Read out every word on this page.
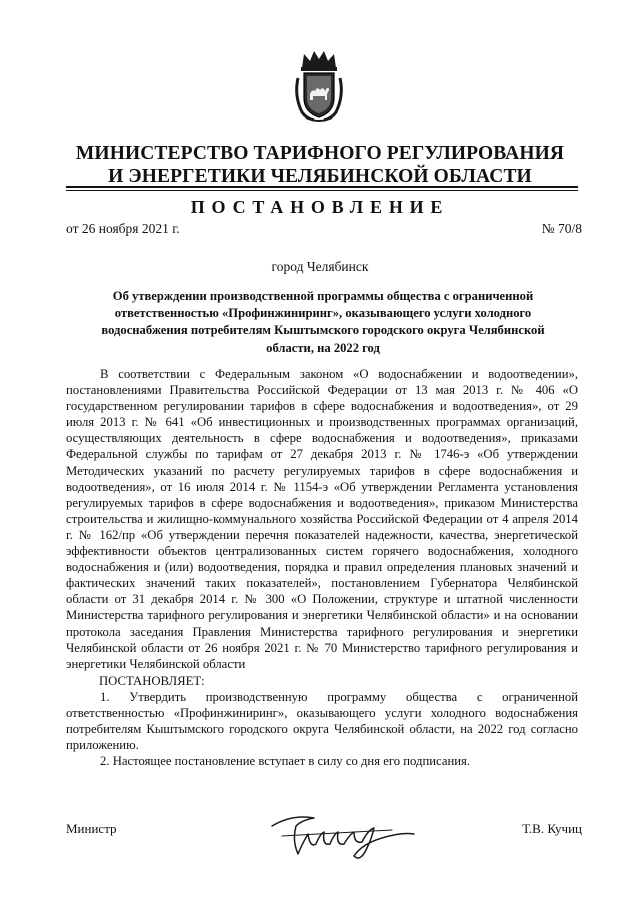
МИНИСТЕРСТВО ТАРИФНОГО РЕГУЛИРОВАНИЯ
И ЭНЕРГЕТИКИ ЧЕЛЯБИНСКОЙ ОБЛАСТИ
ПОСТАНОВЛЕНИЕ
от 26 ноября 2021 г.	№ 70/8
город Челябинск
Об утверждении производственной программы общества с ограниченной ответственностью «Профинжиниринг», оказывающего услуги холодного водоснабжения потребителям Кыштымского городского округа Челябинской области, на 2022 год

В соответствии с Федеральным законом «О водоснабжении и водоотведении», постановлениями Правительства Российской Федерации от 13 мая 2013 г. № 406 «О государственном регулировании тарифов в сфере водоснабжения и водоотведения», от 29 июля 2013 г. № 641 «Об инвестиционных и производственных программах организаций, осуществляющих деятельность в сфере водоснабжения и водоотведения», приказами Федеральной службы по тарифам от 27 декабря 2013 г. № 1746-э «Об утверждении Методических указаний по расчету регулируемых тарифов в сфере водоснабжения и водоотведения», от 16 июля 2014 г. № 1154-э «Об утверждении Регламента установления регулируемых тарифов в сфере водоснабжения и водоотведения», приказом Министерства строительства и жилищно-коммунального хозяйства Российской Федерации от 4 апреля 2014 г. № 162/пр «Об утверждении перечня показателей надежности, качества, энергетической эффективности объектов централизованных систем горячего водоснабжения, холодного водоснабжения и (или) водоотведения, порядка и правил определения плановых значений и фактических значений таких показателей», постановлением Губернатора Челябинской области от 31 декабря 2014 г. № 300 «О Положении, структуре и штатной численности Министерства тарифного регулирования и энергетики Челябинской области» и на основании протокола заседания Правления Министерства тарифного регулирования и энергетики Челябинской области от 26 ноября 2021 г. № 70 Министерство тарифного регулирования и энергетики Челябинской области

ПОСТАНОВЛЯЕТ:

1. Утвердить производственную программу общества с ограниченной ответственностью «Профинжиниринг», оказывающего услуги холодного водоснабжения потребителям Кыштымского городского округа Челябинской области, на 2022 год согласно приложению.

2. Настоящее постановление вступает в силу со дня его подписания.

Министр	Т.В. Кучиц
